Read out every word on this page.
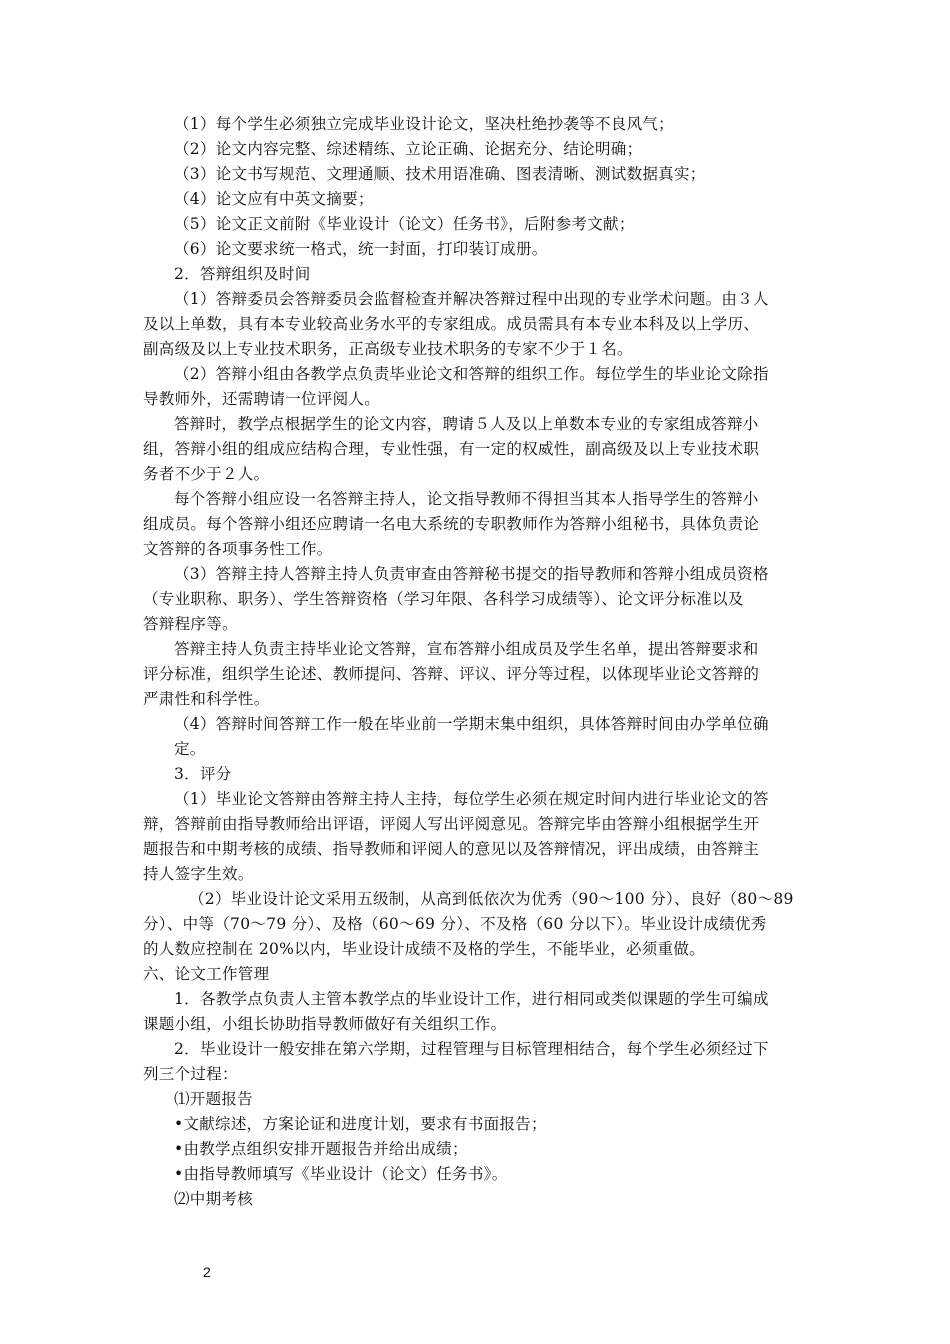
（1）每个学生必须独立完成毕业设计论文，坚决杜绝抄袭等不良风气；
（2）论文内容完整、综述精练、立论正确、论据充分、结论明确；
（3）论文书写规范、文理通顺、技术用语准确、图表清晰、测试数据真实；
（4）论文应有中英文摘要；
（5）论文正文前附《毕业设计（论文）任务书》，后附参考文献；
（6）论文要求统一格式，统一封面，打印装订成册。
2．答辩组织及时间
（1）答辩委员会答辩委员会监督检查并解决答辩过程中出现的专业学术问题。由３人
及以上单数，具有本专业较高业务水平的专家组成。成员需具有本专业本科及以上学历、
副高级及以上专业技术职务，正高级专业技术职务的专家不少于１名。
（2）答辩小组由各教学点负责毕业论文和答辩的组织工作。每位学生的毕业论文除指
导教师外，还需聘请一位评阅人。
答辩时，教学点根据学生的论文内容，聘请５人及以上单数本专业的专家组成答辩小
组，答辩小组的组成应结构合理，专业性强，有一定的权威性，副高级及以上专业技术职
务者不少于２人。
每个答辩小组应设一名答辩主持人，论文指导教师不得担当其本人指导学生的答辩小
组成员。每个答辩小组还应聘请一名电大系统的专职教师作为答辩小组秘书，具体负责论
文答辩的各项事务性工作。
（3）答辩主持人答辩主持人负责审查由答辩秘书提交的指导教师和答辩小组成员资格
（专业职称、职务）、学生答辩资格（学习年限、各科学习成绩等）、论文评分标准以及
答辩程序等。
答辩主持人负责主持毕业论文答辩，宣布答辩小组成员及学生名单，提出答辩要求和
评分标准，组织学生论述、教师提问、答辩、评议、评分等过程，以体现毕业论文答辩的
严肃性和科学性。
（4）答辩时间答辩工作一般在毕业前一学期末集中组织，具体答辩时间由办学单位确
定。
3．评分
（1）毕业论文答辩由答辩主持人主持，每位学生必须在规定时间内进行毕业论文的答
辩，答辩前由指导教师给出评语，评阅人写出评阅意见。答辩完毕由答辩小组根据学生开
题报告和中期考核的成绩、指导教师和评阅人的意见以及答辩情况，评出成绩，由答辩主
持人签字生效。
（2）毕业设计论文采用五级制，从高到低依次为优秀（90～100 分）、良好（80～89
分）、中等（70～79 分）、及格（60～69 分）、不及格（60 分以下）。毕业设计成绩优秀
的人数应控制在 20%以内，毕业设计成绩不及格的学生，不能毕业，必须重做。
六、论文工作管理
1．各教学点负责人主管本教学点的毕业设计工作，进行相同或类似课题的学生可编成
课题小组，小组长协助指导教师做好有关组织工作。
2．毕业设计一般安排在第六学期，过程管理与目标管理相结合，每个学生必须经过下
列三个过程：
⑴开题报告
•文献综述，方案论证和进度计划，要求有书面报告；
•由教学点组织安排开题报告并给出成绩；
•由指导教师填写《毕业设计（论文）任务书》。
⑵中期考核
2
